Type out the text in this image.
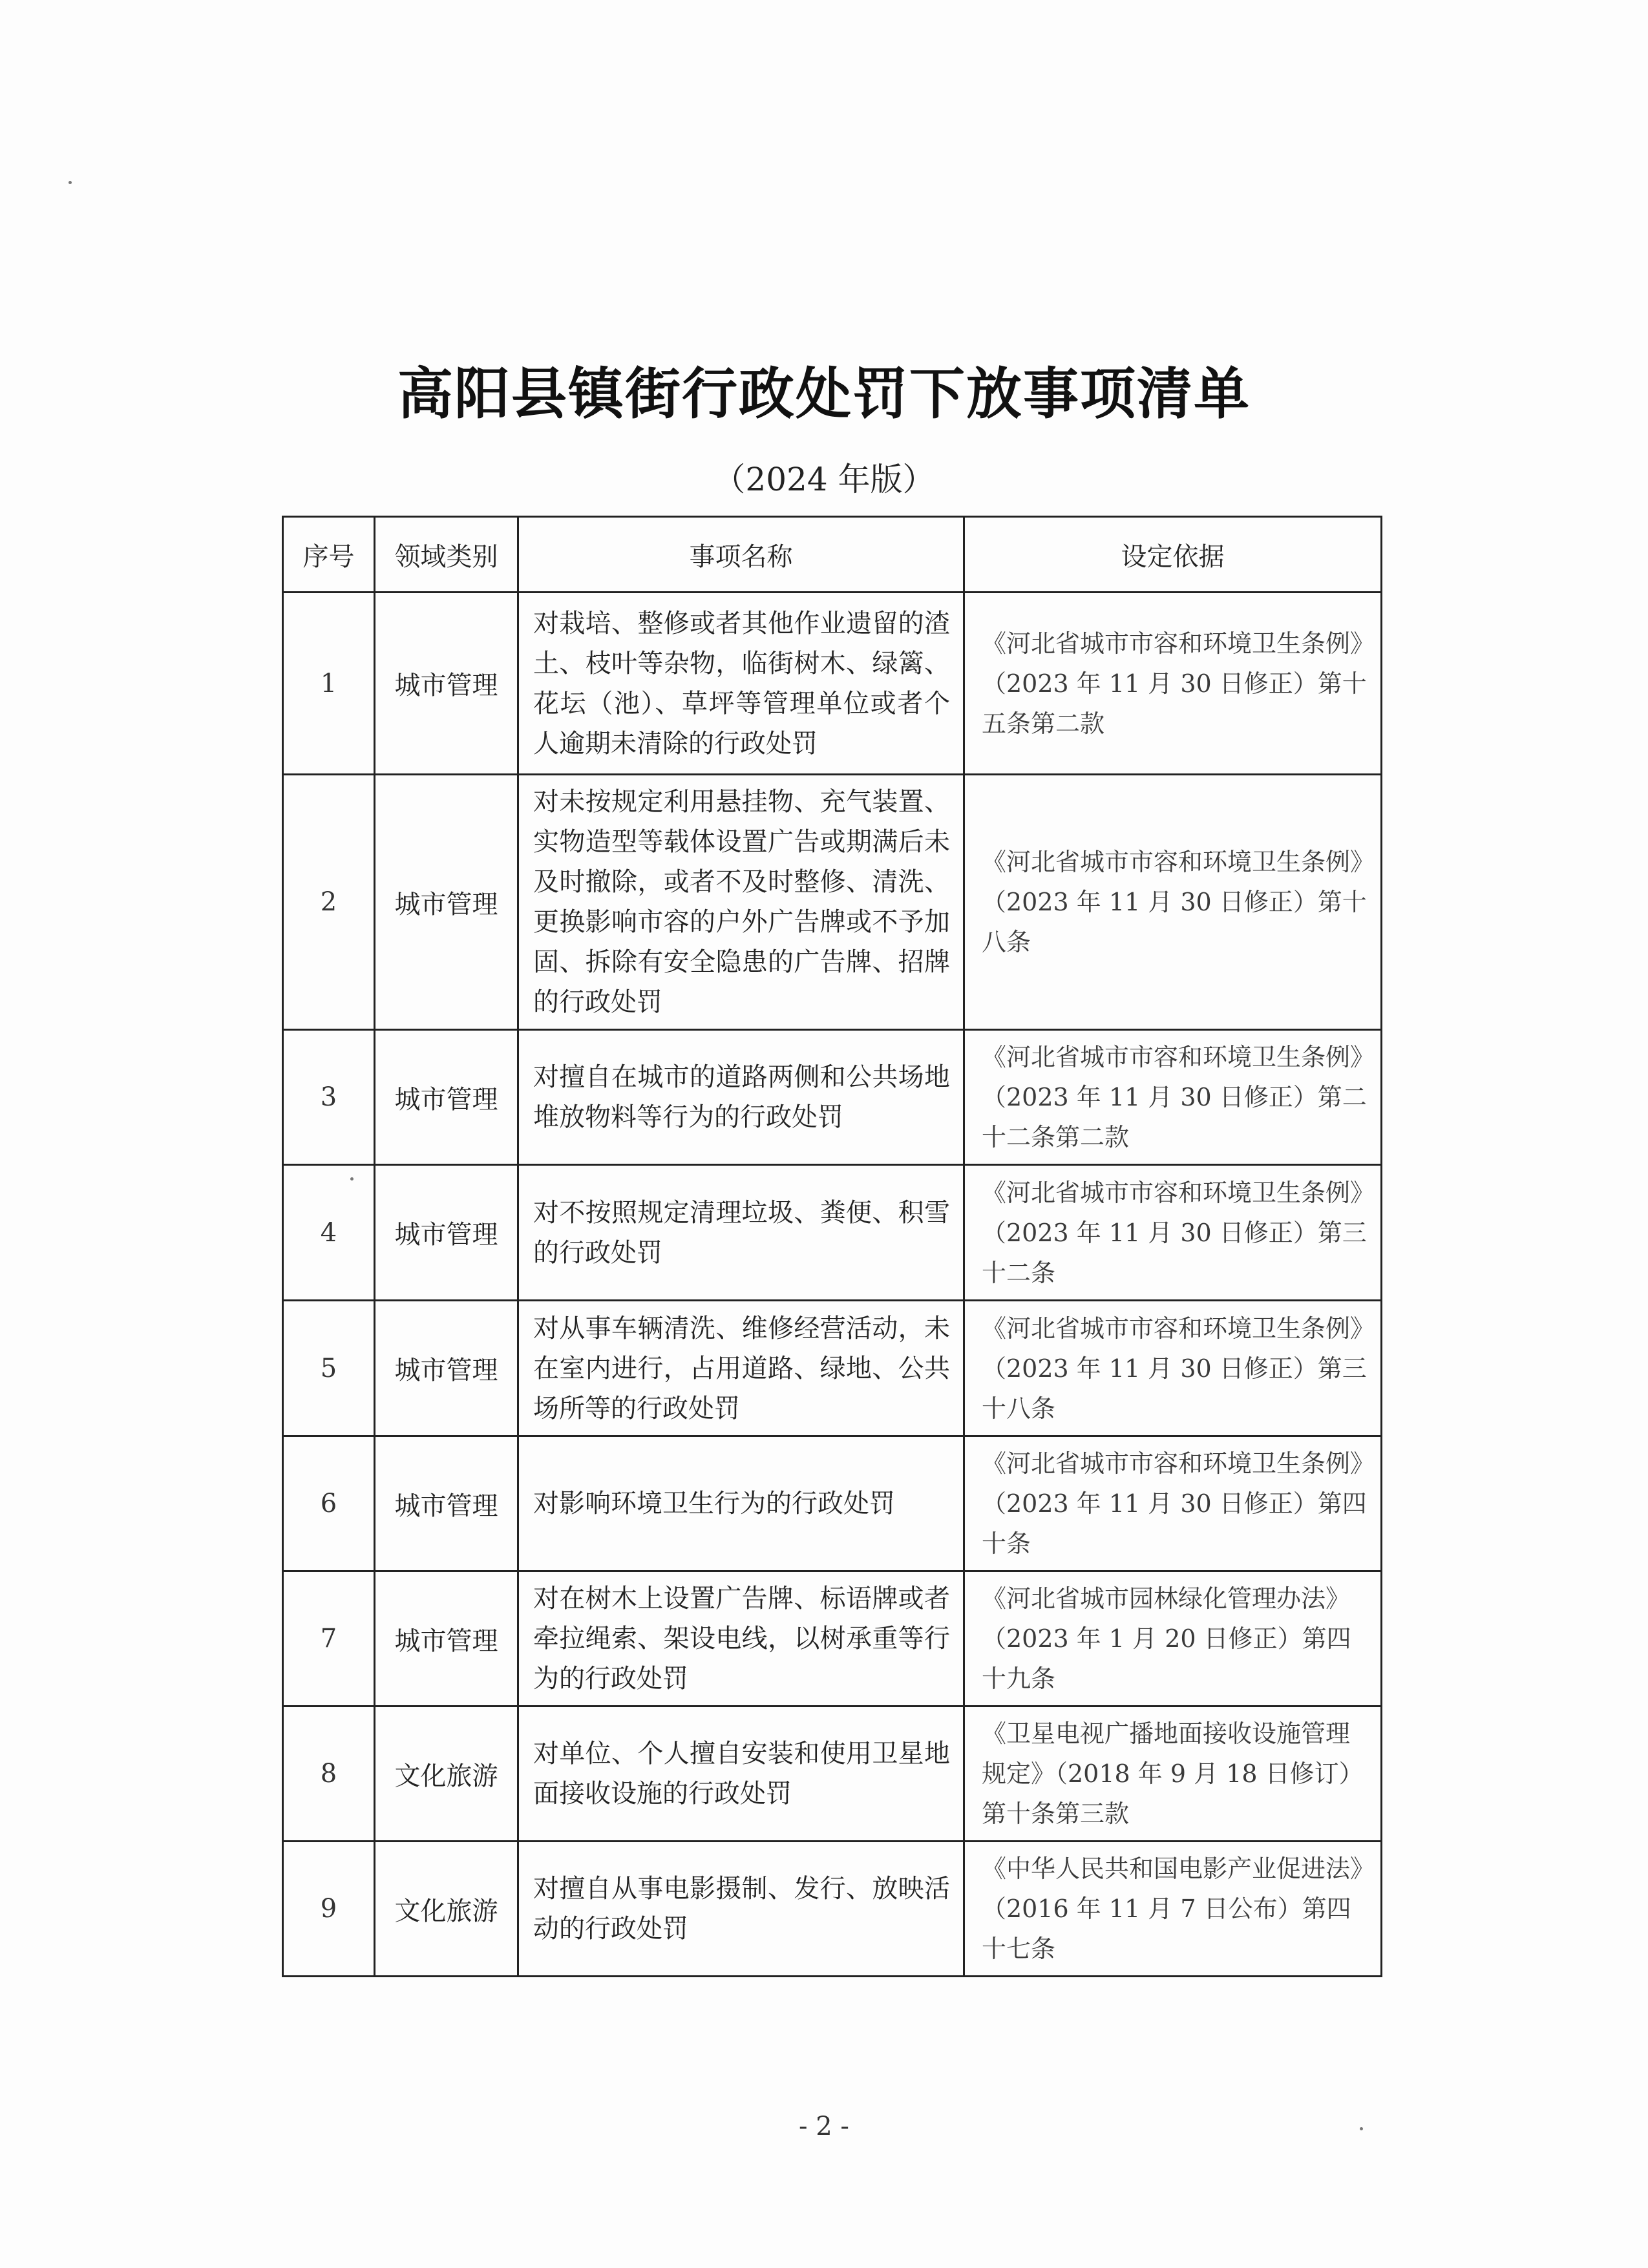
高阳县镇街行政处罚下放事项清单
（2024 年版）
序号	领域类别	事项名称	设定依据
1	城市管理	对栽培、整修或者其他作业遗留的渣土、枝叶等杂物，临街树木、绿篱、花坛（池）、草坪等管理单位或者个人逾期未清除的行政处罚	《河北省城市市容和环境卫生条例》（2023 年 11 月 30 日修正）第十五条第二款
2	城市管理	对未按规定利用悬挂物、充气装置、实物造型等载体设置广告或期满后未及时撤除，或者不及时整修、清洗、更换影响市容的户外广告牌或不予加固、拆除有安全隐患的广告牌、招牌的行政处罚	《河北省城市市容和环境卫生条例》（2023 年 11 月 30 日修正）第十八条
3	城市管理	对擅自在城市的道路两侧和公共场地堆放物料等行为的行政处罚	《河北省城市市容和环境卫生条例》（2023 年 11 月 30 日修正）第二十二条第二款
4	城市管理	对不按照规定清理垃圾、粪便、积雪的行政处罚	《河北省城市市容和环境卫生条例》（2023 年 11 月 30 日修正）第三十二条
5	城市管理	对从事车辆清洗、维修经营活动，未在室内进行，占用道路、绿地、公共场所等的行政处罚	《河北省城市市容和环境卫生条例》（2023 年 11 月 30 日修正）第三十八条
6	城市管理	对影响环境卫生行为的行政处罚	《河北省城市市容和环境卫生条例》（2023 年 11 月 30 日修正）第四十条
7	城市管理	对在树木上设置广告牌、标语牌或者牵拉绳索、架设电线，以树承重等行为的行政处罚	《河北省城市园林绿化管理办法》（2023 年 1 月 20 日修正）第四十九条
8	文化旅游	对单位、个人擅自安装和使用卫星地面接收设施的行政处罚	《卫星电视广播地面接收设施管理规定》（2018 年 9 月 18 日修订）第十条第三款
9	文化旅游	对擅自从事电影摄制、发行、放映活动的行政处罚	《中华人民共和国电影产业促进法》（2016 年 11 月 7 日公布）第四十七条
- 2 -
